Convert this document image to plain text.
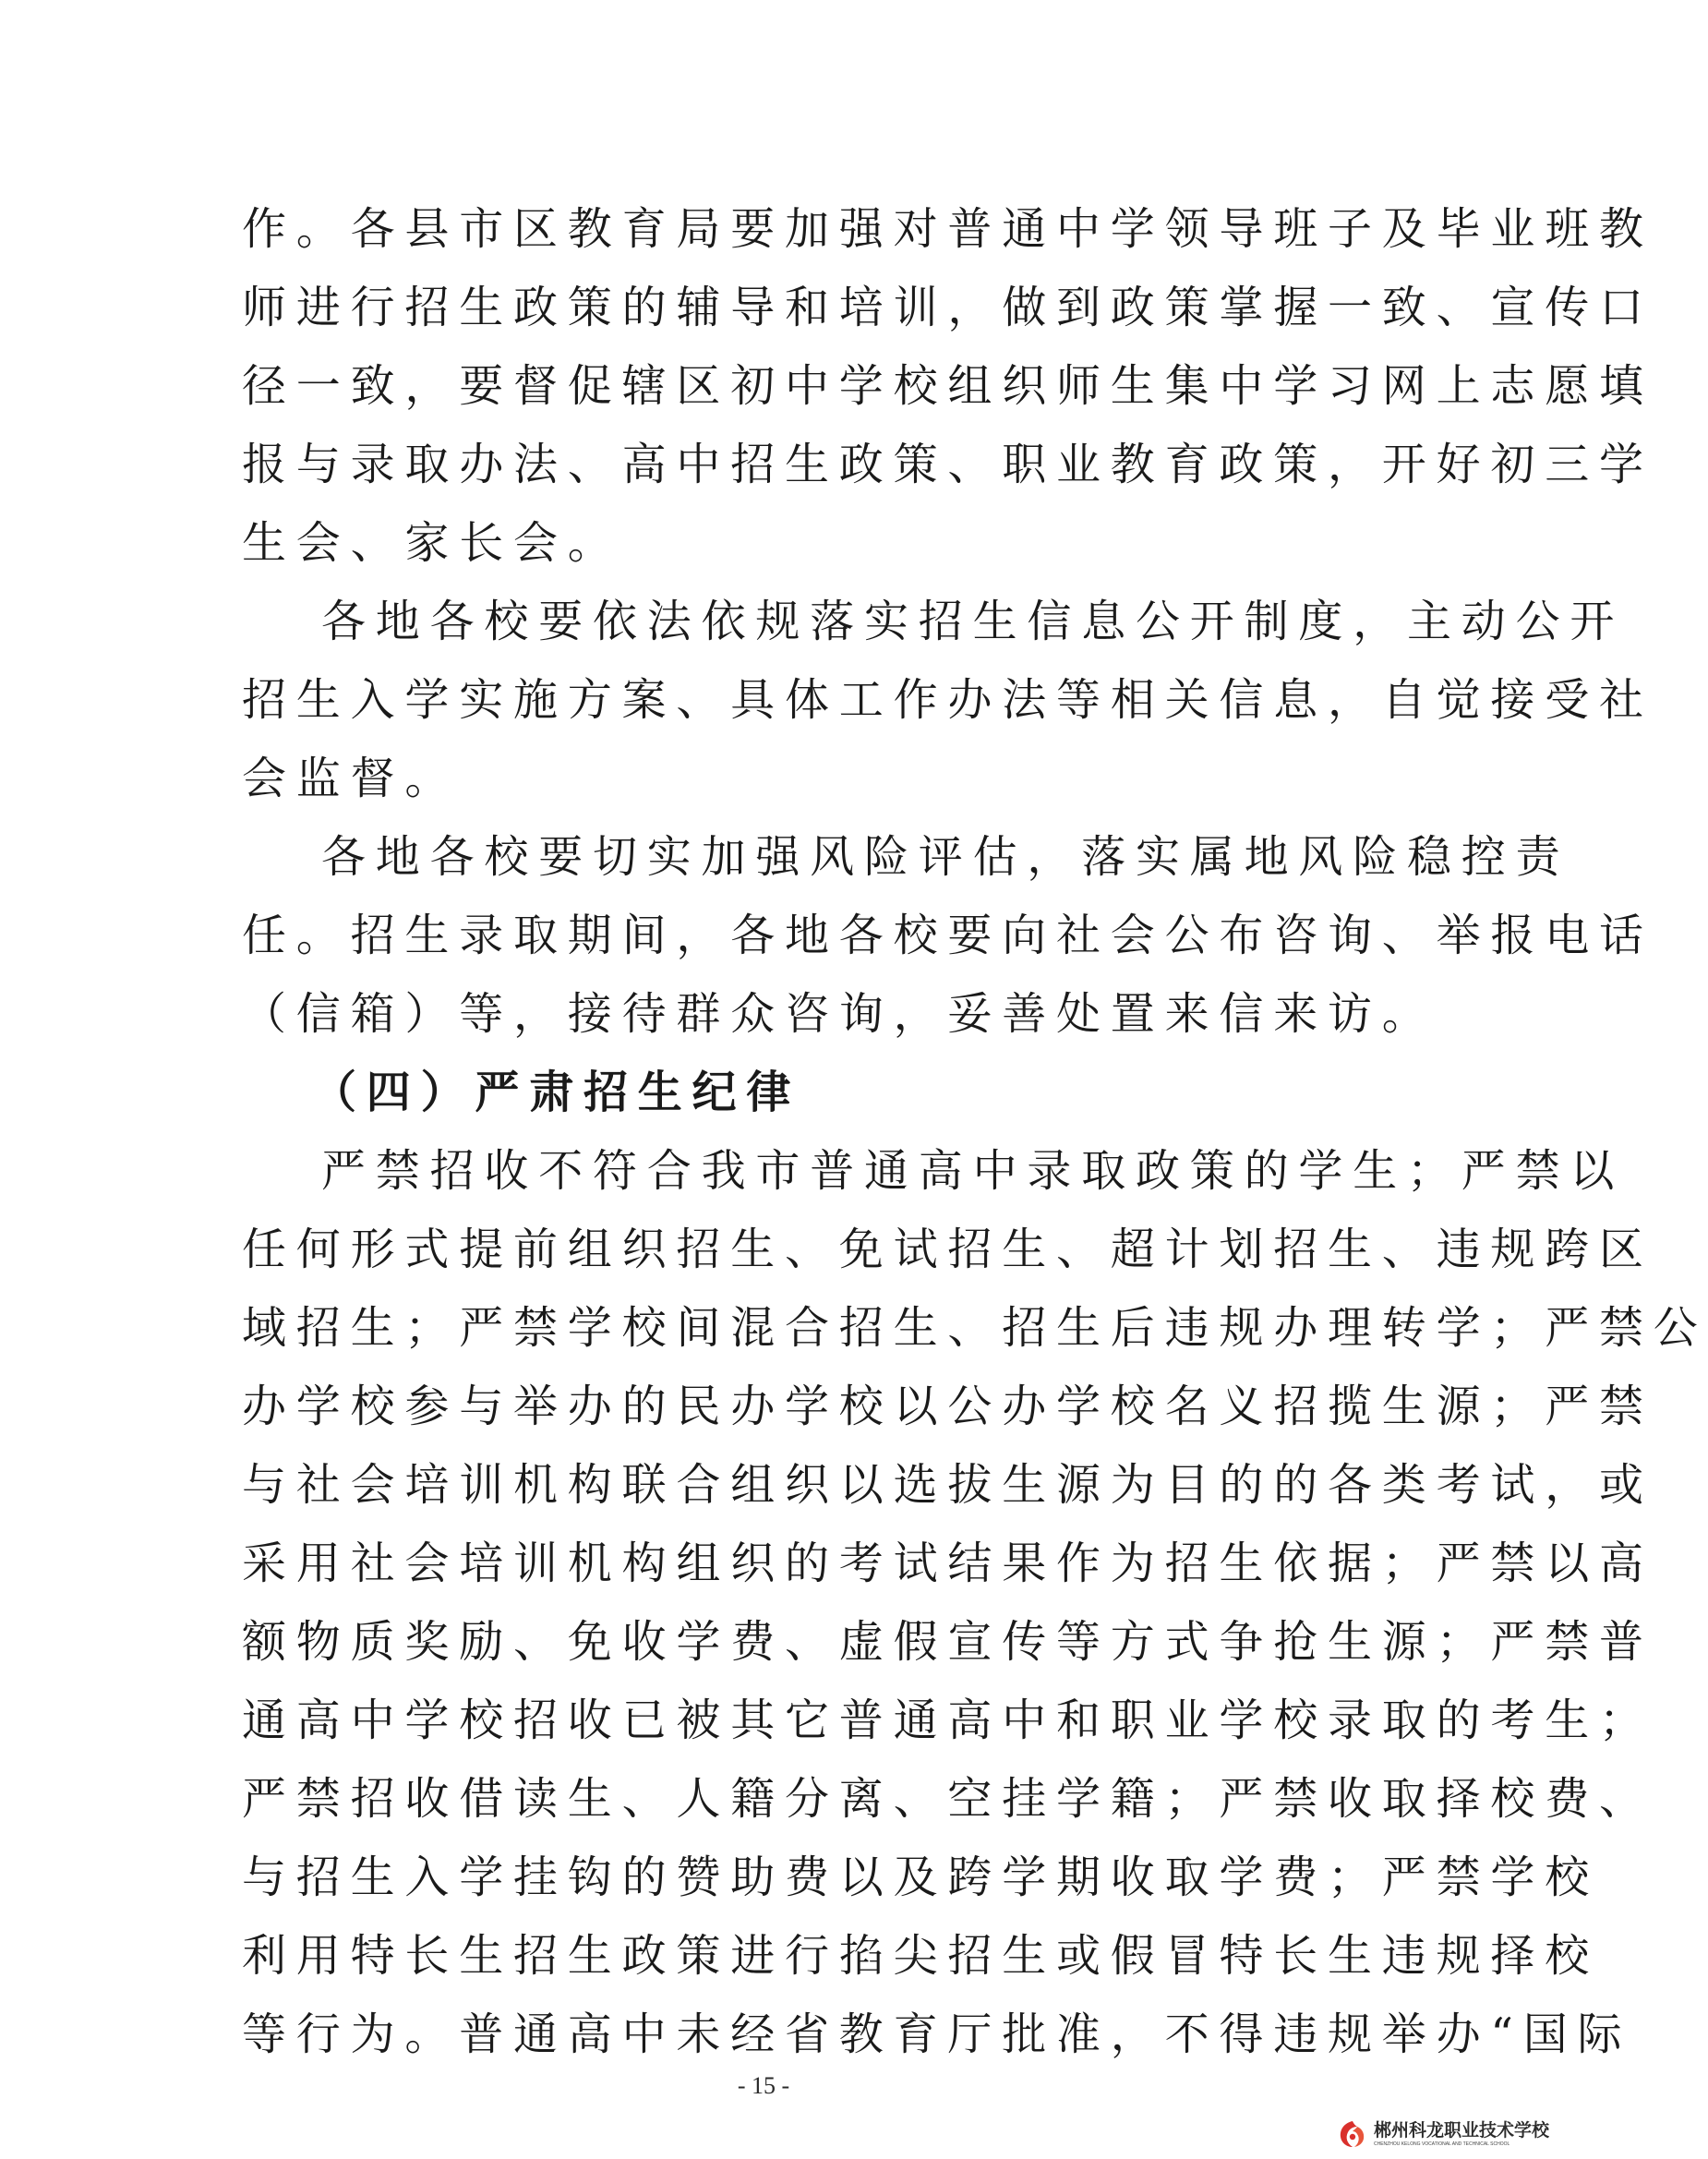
作。各县市区教育局要加强对普通中学领导班子及毕业班教
师进行招生政策的辅导和培训，做到政策掌握一致、宣传口
径一致，要督促辖区初中学校组织师生集中学习网上志愿填
报与录取办法、高中招生政策、职业教育政策，开好初三学
生会、家长会。
各地各校要依法依规落实招生信息公开制度，主动公开
招生入学实施方案、具体工作办法等相关信息，自觉接受社
会监督。
各地各校要切实加强风险评估，落实属地风险稳控责
任。招生录取期间，各地各校要向社会公布咨询、举报电话
（信箱）等，接待群众咨询，妥善处置来信来访。
（四）严肃招生纪律
严禁招收不符合我市普通高中录取政策的学生；严禁以
任何形式提前组织招生、免试招生、超计划招生、违规跨区
域招生；严禁学校间混合招生、招生后违规办理转学；严禁公
办学校参与举办的民办学校以公办学校名义招揽生源；严禁
与社会培训机构联合组织以选拔生源为目的的各类考试，或
采用社会培训机构组织的考试结果作为招生依据；严禁以高
额物质奖励、免收学费、虚假宣传等方式争抢生源；严禁普
通高中学校招收已被其它普通高中和职业学校录取的考生；
严禁招收借读生、人籍分离、空挂学籍；严禁收取择校费、
与招生入学挂钩的赞助费以及跨学期收取学费；严禁学校
利用特长生招生政策进行掐尖招生或假冒特长生违规择校
- 15 -
郴州科龙职业技术学校
CHENZHOU KELONG VOCATIONAL AND TECHNICAL SCHOOL
等行为。普通高中未经省教育厅批准，不得违规举办“国际
